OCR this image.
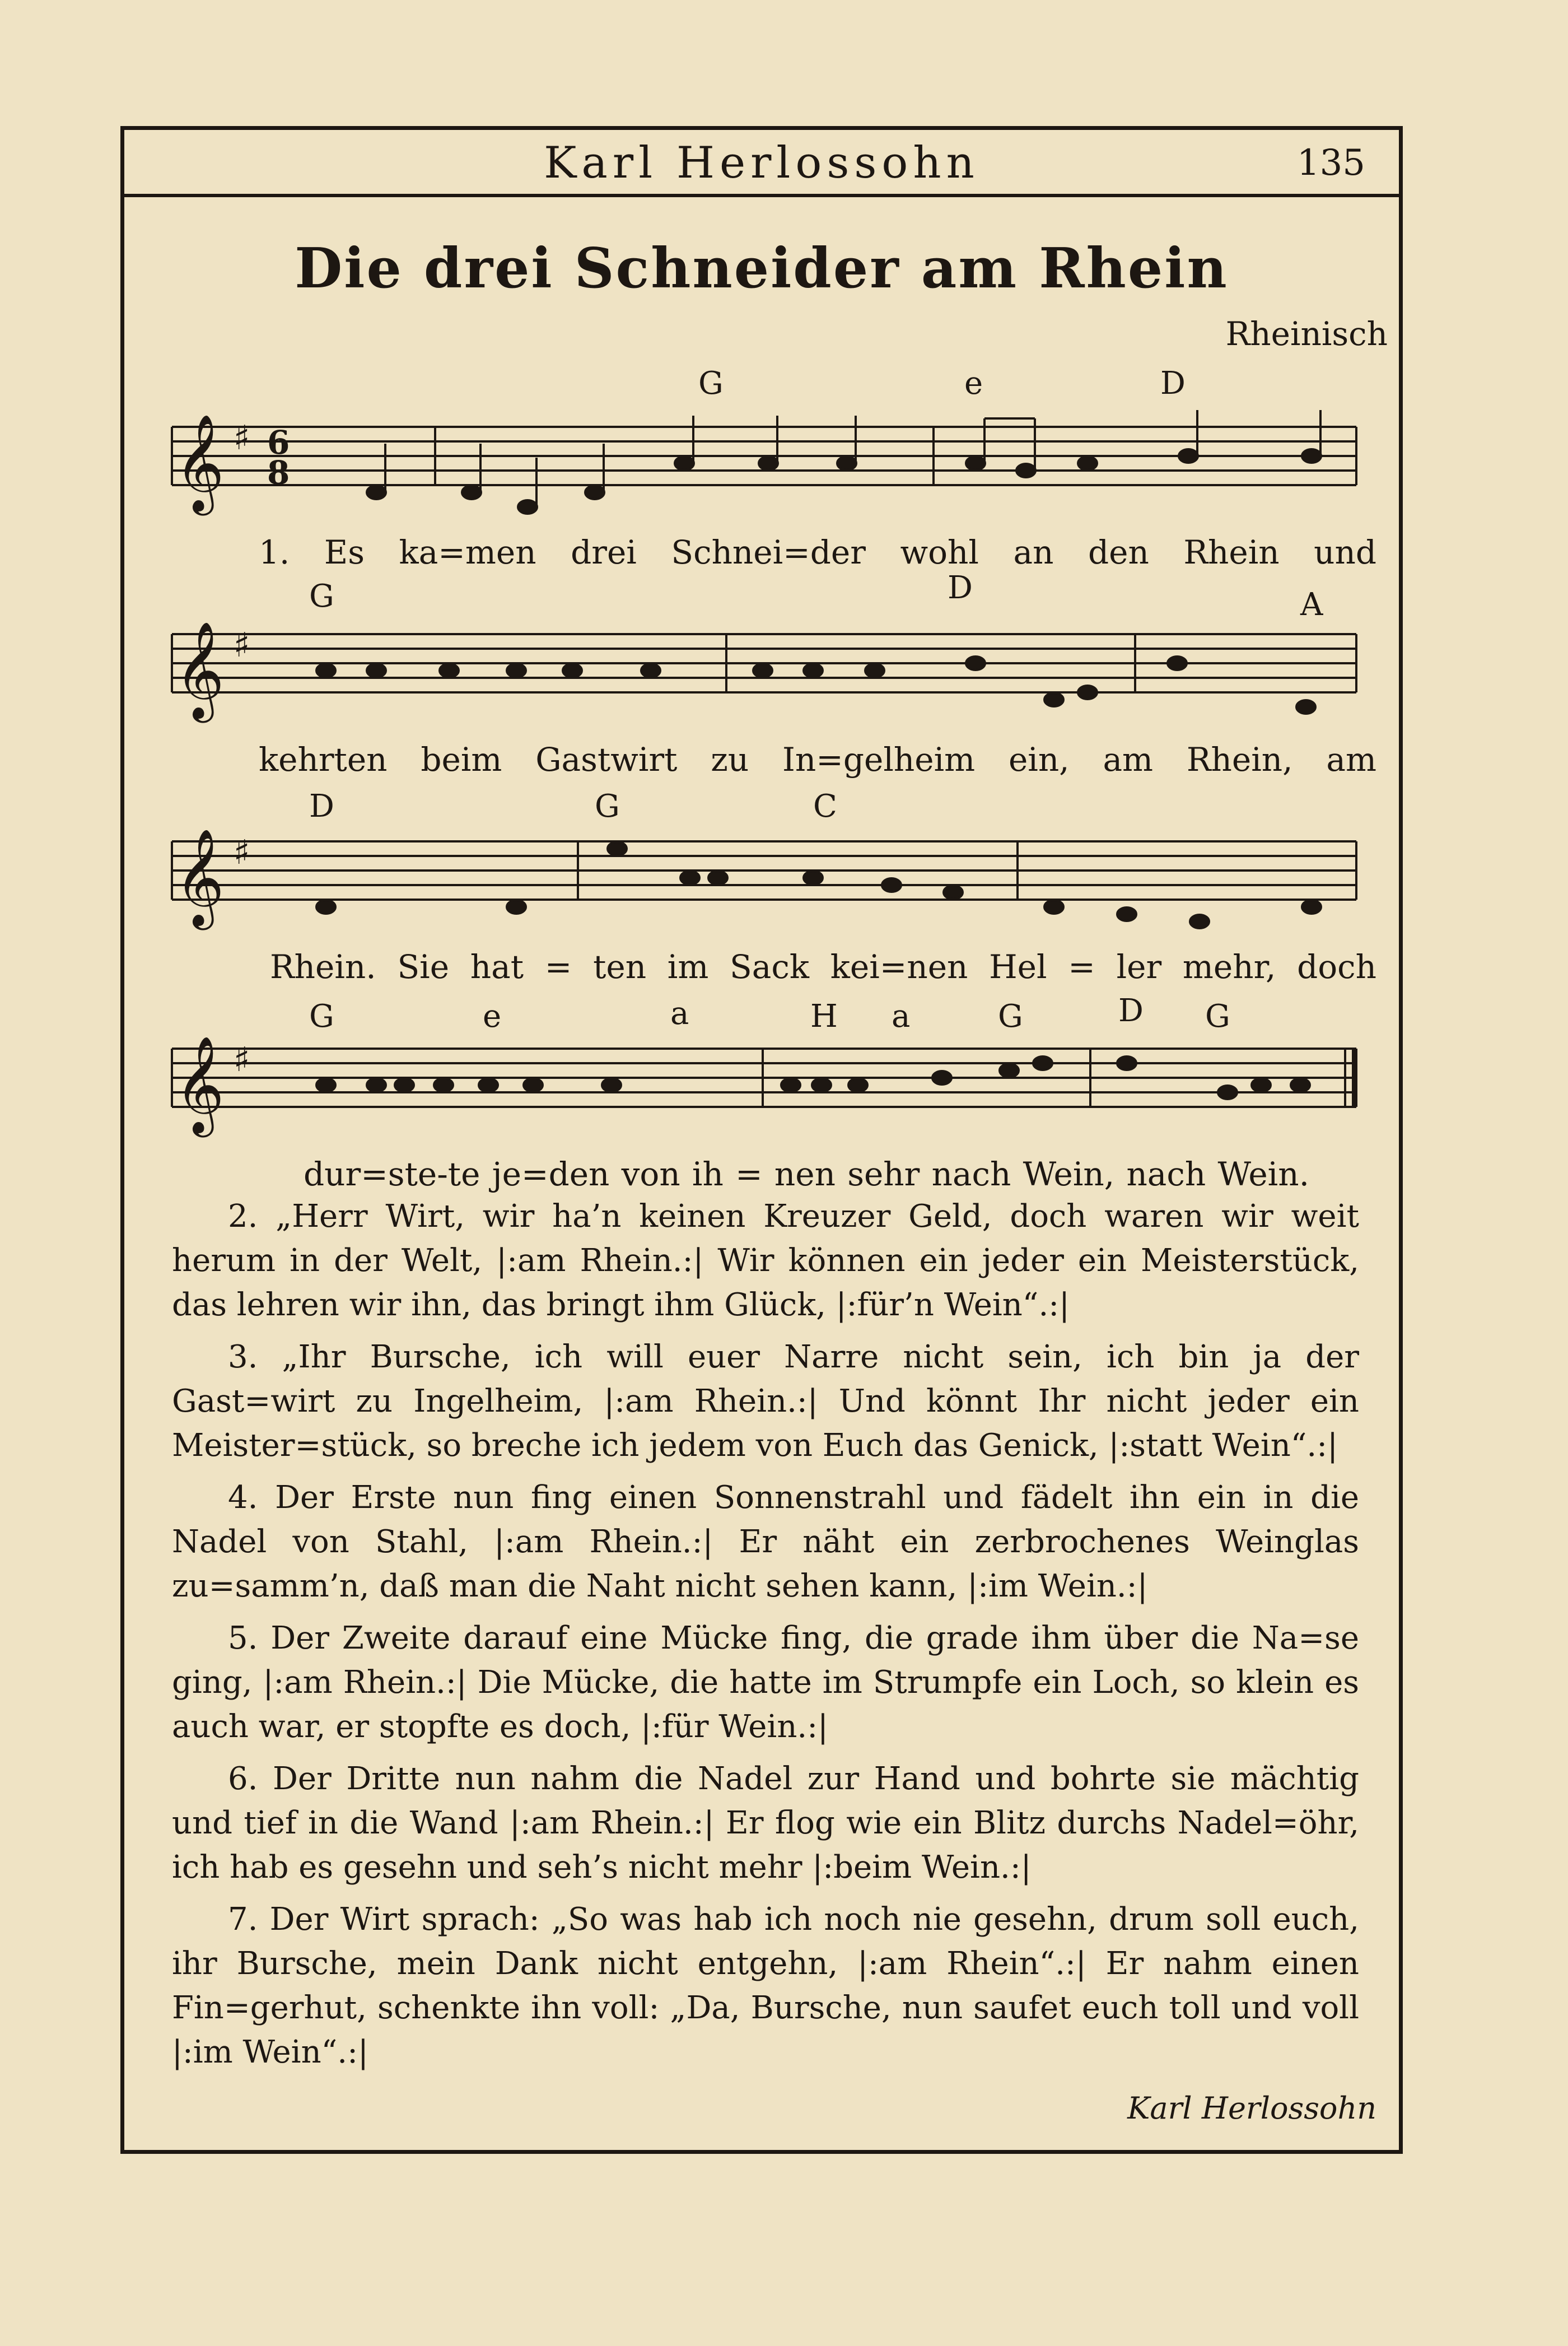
Karl Herlossohn	135
Die drei Schneider am Rhein
Rheinisch
𝄞 ♯ 6
8
G	e	D
1. Es ka=men drei Schnei=der wohl an den Rhein und
𝄞 ♯
G	D	A
kehrten beim Gastwirt zu In=gelheim ein, am Rhein, am
𝄞 ♯
D	G	C
Rhein. Sie hat = ten im Sack kei=nen Hel = ler mehr, doch
𝄞 ♯
G	e	a	H a	G	D G
dur=ste-te je=den von ih = nen sehr nach Wein, nach Wein.

2. „Herr Wirt, wir ha’n keinen Kreuzer Geld, doch waren wir weit herum in der Welt, |:am Rhein.:| Wir können ein jeder ein Meisterstück, das lehren wir ihn, das bringt ihm Glück, |:für’n Wein“.:|

3. „Ihr Bursche, ich will euer Narre nicht sein, ich bin ja der Gast=wirt zu Ingelheim, |:am Rhein.:| Und könnt Ihr nicht jeder ein Meister=stück, so breche ich jedem von Euch das Genick, |:statt Wein“.:|

4. Der Erste nun fing einen Sonnenstrahl und fädelt ihn ein in die Nadel von Stahl, |:am Rhein.:| Er näht ein zerbrochenes Weinglas zu=samm’n, daß man die Naht nicht sehen kann, |:im Wein.:|

5. Der Zweite darauf eine Mücke fing, die grade ihm über die Na=se ging, |:am Rhein.:| Die Mücke, die hatte im Strumpfe ein Loch, so klein es auch war, er stopfte es doch, |:für Wein.:|

6. Der Dritte nun nahm die Nadel zur Hand und bohrte sie mächtig und tief in die Wand |:am Rhein.:| Er flog wie ein Blitz durchs Nadel=öhr, ich hab es gesehn und seh’s nicht mehr |:beim Wein.:|

7. Der Wirt sprach: „So was hab ich noch nie gesehn, drum soll euch, ihr Bursche, mein Dank nicht entgehn, |:am Rhein“.:| Er nahm einen Fin=gerhut, schenkte ihn voll: „Da, Bursche, nun saufet euch toll und voll |:im Wein“.:|

Karl Herlossohn
